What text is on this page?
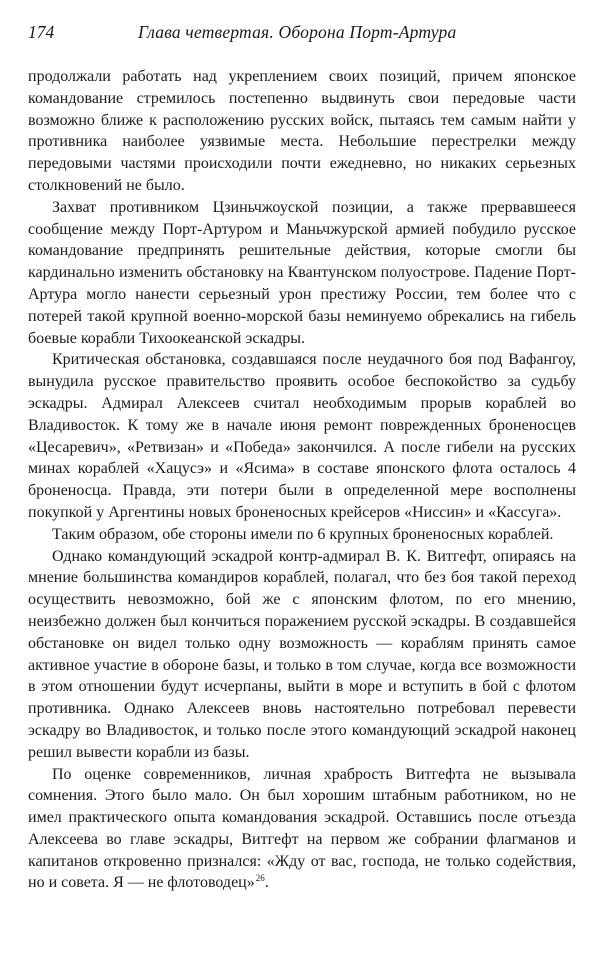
174	Глава четвертая. Оборона Порт-Артура

продолжали работать над укреплением своих позиций, причем японское командование стремилось постепенно выдвинуть свои передовые части возможно ближе к расположению русских войск, пытаясь тем самым найти у противника наиболее уязвимые места. Небольшие перестрелки между передовыми частями происходили почти ежедневно, но никаких серьезных столкновений не было.

Захват противником Цзиньчжоуской позиции, а также прервавшееся сообщение между Порт-Артуром и Маньчжурской армией побудило русское командование предпринять решительные действия, которые смогли бы кардинально изменить обстановку на Квантунском полуострове. Падение Порт-Артура могло нанести серьезный урон престижу России, тем более что с потерей такой крупной военно-морской базы неминуемо обрекались на гибель боевые корабли Тихоокеанской эскадры.

Критическая обстановка, создавшаяся после неудачного боя под Вафангоу, вынудила русское правительство проявить особое беспокойство за судьбу эскадры. Адмирал Алексеев считал необходимым прорыв кораблей во Владивосток. К тому же в начале июня ремонт поврежденных броненосцев «Цесаревич», «Ретвизан» и «Победа» закончился. А после гибели на русских минах кораблей «Хацусэ» и «Ясима» в составе японского флота осталось 4 броненосца. Правда, эти потери были в определенной мере восполнены покупкой у Аргентины новых броненосных крейсеров «Ниссин» и «Кассуга».

Таким образом, обе стороны имели по 6 крупных броненосных кораблей.

Однако командующий эскадрой контр-адмирал В. К. Витгефт, опираясь на мнение большинства командиров кораблей, полагал, что без боя такой переход осуществить невозможно, бой же с японским флотом, по его мнению, неизбежно должен был кончиться поражением русской эскадры. В создавшейся обстановке он видел только одну возможность — кораблям принять самое активное участие в обороне базы, и только в том случае, когда все возможности в этом отношении будут исчерпаны, выйти в море и вступить в бой с флотом противника. Однако Алексеев вновь настоятельно потребовал перевести эскадру во Владивосток, и только после этого командующий эскадрой наконец решил вывести корабли из базы.

По оценке современников, личная храбрость Витгефта не вызывала сомнения. Этого было мало. Он был хорошим штабным работником, но не имел практического опыта командования эскадрой. Оставшись после отъезда Алексеева во главе эскадры, Витгефт на первом же собрании флагманов и капитанов откровенно признался: «Жду от вас, господа, не только содействия, но и совета. Я — не флотоводец»$^{26}$.
